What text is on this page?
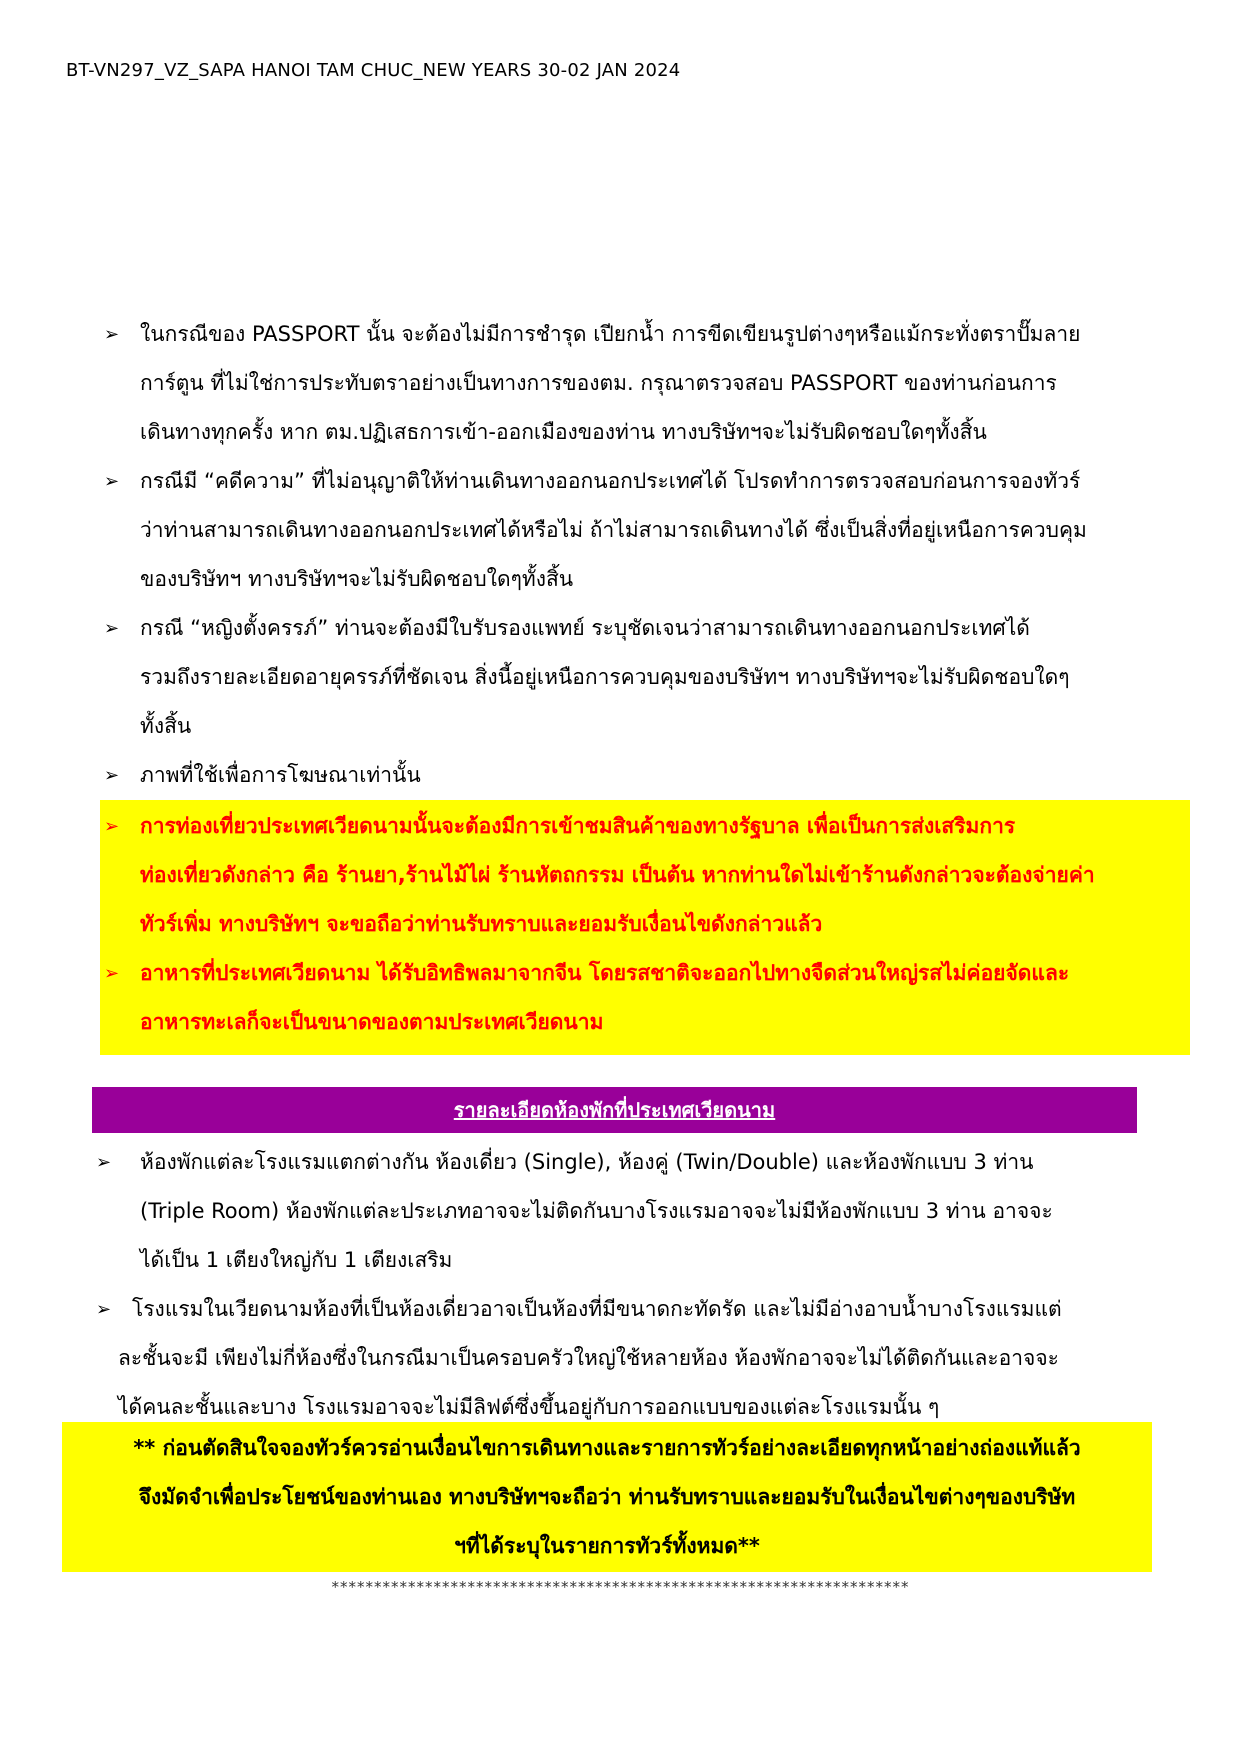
BT-VN297_VZ_SAPA HANOI TAM CHUC_NEW YEARS 30-02 JAN 2024
➢ ในกรณีของ PASSPORT นั้น จะต้องไม่มีการชำรุด เปียกน้ำ การขีดเขียนรูปต่างๆหรือแม้กระทั่งตราปั๊มลาย
การ์ตูน ที่ไม่ใช่การประทับตราอย่างเป็นทางการของตม. กรุณาตรวจสอบ PASSPORT ของท่านก่อนการ
เดินทางทุกครั้ง หาก ตม.ปฏิเสธการเข้า-ออกเมืองของท่าน ทางบริษัทฯจะไม่รับผิดชอบใดๆทั้งสิ้น
➢ กรณีมี “คดีความ” ที่ไม่อนุญาติให้ท่านเดินทางออกนอกประเทศได้ โปรดทำการตรวจสอบก่อนการจองทัวร์
ว่าท่านสามารถเดินทางออกนอกประเทศได้หรือไม่ ถ้าไม่สามารถเดินทางได้ ซึ่งเป็นสิ่งที่อยู่เหนือการควบคุม
ของบริษัทฯ ทางบริษัทฯจะไม่รับผิดชอบใดๆทั้งสิ้น
➢ กรณี “หญิงตั้งครรภ์” ท่านจะต้องมีใบรับรองแพทย์ ระบุชัดเจนว่าสามารถเดินทางออกนอกประเทศได้
รวมถึงรายละเอียดอายุครรภ์ที่ชัดเจน สิ่งนี้อยู่เหนือการควบคุมของบริษัทฯ ทางบริษัทฯจะไม่รับผิดชอบใดๆ
ทั้งสิ้น
➢ ภาพที่ใช้เพื่อการโฆษณาเท่านั้น
➢ การท่องเที่ยวประเทศเวียดนามนั้นจะต้องมีการเข้าชมสินค้าของทางรัฐบาล เพื่อเป็นการส่งเสริมการ
ท่องเที่ยวดังกล่าว คือ ร้านยา,ร้านไม้ไผ่ ร้านหัตถกรรม เป็นต้น หากท่านใดไม่เข้าร้านดังกล่าวจะต้องจ่ายค่า
ทัวร์เพิ่ม ทางบริษัทฯ จะขอถือว่าท่านรับทราบและยอมรับเงื่อนไขดังกล่าวแล้ว
➢ อาหารที่ประเทศเวียดนาม ได้รับอิทธิพลมาจากจีน โดยรสชาติจะออกไปทางจืดส่วนใหญ่รสไม่ค่อยจัดและ
อาหารทะเลก็จะเป็นขนาดของตามประเทศเวียดนาม
รายละเอียดห้องพักที่ประเทศเวียดนาม
➢ ห้องพักแต่ละโรงแรมแตกต่างกัน ห้องเดี่ยว (Single), ห้องคู่ (Twin/Double) และห้องพักแบบ 3 ท่าน
(Triple Room) ห้องพักแต่ละประเภทอาจจะไม่ติดกันบางโรงแรมอาจจะไม่มีห้องพักแบบ 3 ท่าน อาจจะ
ได้เป็น 1 เตียงใหญ่กับ 1 เตียงเสริม
➢ โรงแรมในเวียดนามห้องที่เป็นห้องเดี่ยวอาจเป็นห้องที่มีขนาดกะทัดรัด และไม่มีอ่างอาบน้ำบางโรงแรมแต่
ละชั้นจะมี เพียงไม่กี่ห้องซึ่งในกรณีมาเป็นครอบครัวใหญ่ใช้หลายห้อง ห้องพักอาจจะไม่ได้ติดกันและอาจจะ
ได้คนละชั้นและบาง โรงแรมอาจจะไม่มีลิฟต์ซึ่งขึ้นอยู่กับการออกแบบของแต่ละโรงแรมนั้น ๆ
** ก่อนตัดสินใจจองทัวร์ควรอ่านเงื่อนไขการเดินทางและรายการทัวร์อย่างละเอียดทุกหน้าอย่างถ่องแท้แล้ว
จึงมัดจำเพื่อประโยชน์ของท่านเอง ทางบริษัทฯจะถือว่า ท่านรับทราบและยอมรับในเงื่อนไขต่างๆของบริษัท
ฯที่ได้ระบุในรายการทัวร์ทั้งหมด**
********************************************************************
